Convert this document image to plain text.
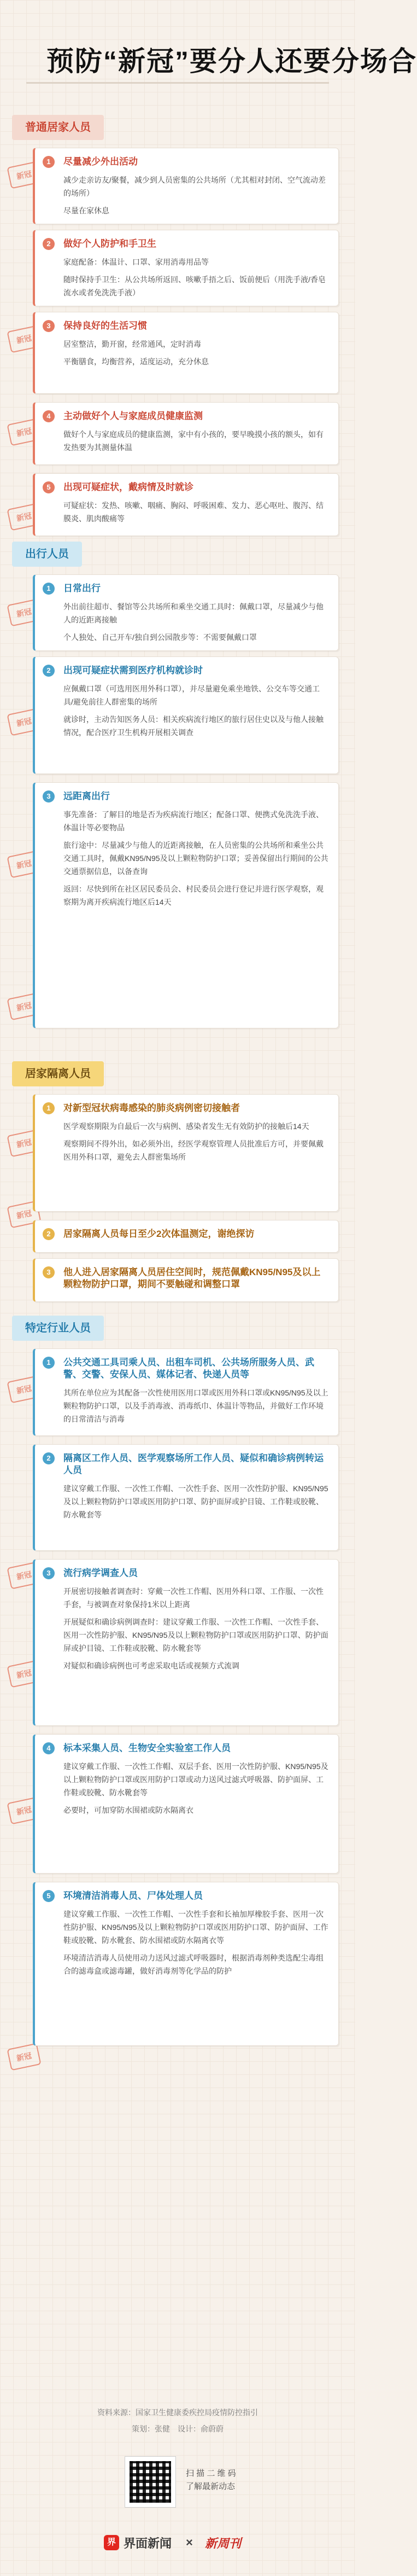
预防“新冠”要分人还要分场合
普通居家人员
新冠
新冠
新冠
新冠
1	尽量减少外出活动
减少走亲访友/聚餐，减少到人员密集的公共场所（尤其相对封闭、空气流动差的场所）
尽量在家休息
2	做好个人防护和手卫生
家庭配备：体温计、口罩、家用消毒用品等
随时保持手卫生：从公共场所返回、咳嗽手捂之后、饭前便后（用洗手液/香皂流水或者免洗洗手液）
3	保持良好的生活习惯
居室整洁，勤开窗，经常通风，定时消毒
平衡膳食，均衡营养，适度运动，充分休息
4	主动做好个人与家庭成员健康监测
做好个人与家庭成员的健康监测，家中有小孩的，要早晚摸小孩的额头，如有发热要为其测量体温
5	出现可疑症状，戴病情及时就诊
可疑症状：发热、咳嗽、咽痛、胸闷、呼吸困难、发力、恶心呕吐、腹泻、结膜炎、肌肉酸痛等
出行人员
新冠
新冠
新冠
新冠
1	日常出行
外出前往超市、餐馆等公共场所和乘坐交通工具时：佩戴口罩，尽量减少与他人的近距离接触
个人独处、自己开车/独自到公园散步等：不需要佩戴口罩
2	出现可疑症状需到医疗机构就诊时
应佩戴口罩（可选用医用外科口罩），并尽量避免乘坐地铁、公交车等交通工具/避免前往人群密集的场所
就诊时，主动告知医务人员：相关疾病流行地区的旅行居住史以及与他人接触情况，配合医疗卫生机构开展相关调查
3	远距离出行
事先准备：了解目的地是否为疾病流行地区；配备口罩、便携式免洗洗手液、体温计等必要物品
旅行途中：尽量减少与他人的近距离接触，在人员密集的公共场所和乘坐公共交通工具时，佩戴KN95/N95及以上颗粒物防护口罩；妥善保留出行期间的公共交通票据信息，以备查询
返回：尽快到所在社区居民委员会、村民委员会进行登记并进行医学观察，观察期为离开疾病流行地区后14天
居家隔离人员
新冠
新冠
1	对新型冠状病毒感染的肺炎病例密切接触者
医学观察期限为自最后一次与病例、感染者发生无有效防护的接触后14天
观察期间不得外出，如必须外出，经医学观察管理人员批准后方可，并要佩戴医用外科口罩，避免去人群密集场所
2	居家隔离人员每日至少2次体温测定，谢绝探访
3	他人进入居家隔离人员居住空间时，规范佩戴KN95/N95及以上颗粒物防护口罩，期间不要触碰和调整口罩
特定行业人员
新冠
新冠
新冠
新冠
新冠
1	公共交通工具司乘人员、出租车司机、公共场所服务人员、武警、交警、安保人员、媒体记者、快递人员等
其所在单位应为其配备一次性使用医用口罩或医用外科口罩或KN95/N95及以上颗粒物防护口罩，以及手消毒液、消毒纸巾、体温计等物品，并做好工作环境的日常清洁与消毒
2	隔离区工作人员、医学观察场所工作人员、疑似和确诊病例转运人员
建议穿戴工作服、一次性工作帽、一次性手套、医用一次性防护服、KN95/N95及以上颗粒物防护口罩或医用防护口罩、防护面屏或护目镜、工作鞋或胶靴、防水靴套等
3	流行病学调查人员
开展密切接触者调查时：穿戴一次性工作帽、医用外科口罩、工作服、一次性手套，与被调查对象保持1米以上距离
开展疑似和确诊病例调查时：建议穿戴工作服、一次性工作帽、一次性手套、医用一次性防护服、KN95/N95及以上颗粒物防护口罩或医用防护口罩、防护面屏或护目镜、工作鞋或胶靴、防水靴套等
对疑似和确诊病例也可考虑采取电话或视频方式流调
4	标本采集人员、生物安全实验室工作人员
建议穿戴工作服、一次性工作帽、双层手套、医用一次性防护服、KN95/N95及以上颗粒物防护口罩或医用防护口罩或动力送风过滤式呼吸器、防护面屏、工作鞋或胶靴、防水靴套等
必要时，可加穿防水围裙或防水隔离衣
5	环境清洁消毒人员、尸体处理人员
建议穿戴工作服、一次性工作帽、一次性手套和长袖加厚橡胶手套、医用一次性防护服、KN95/N95及以上颗粒物防护口罩或医用防护口罩、防护面屏、工作鞋或胶靴、防水靴套、防水围裙或防水隔离衣等
环境清洁消毒人员使用动力送风过滤式呼吸器时，根据消毒剂种类选配尘毒组合的滤毒盒或滤毒罐，做好消毒剂等化学品的防护
资料来源：国家卫生健康委疾控局疫情防控指引
策划：张健　设计：俞蔚蔚
扫 描 二 维 码
了解最新动态
界 界面新闻 × 新周刊
